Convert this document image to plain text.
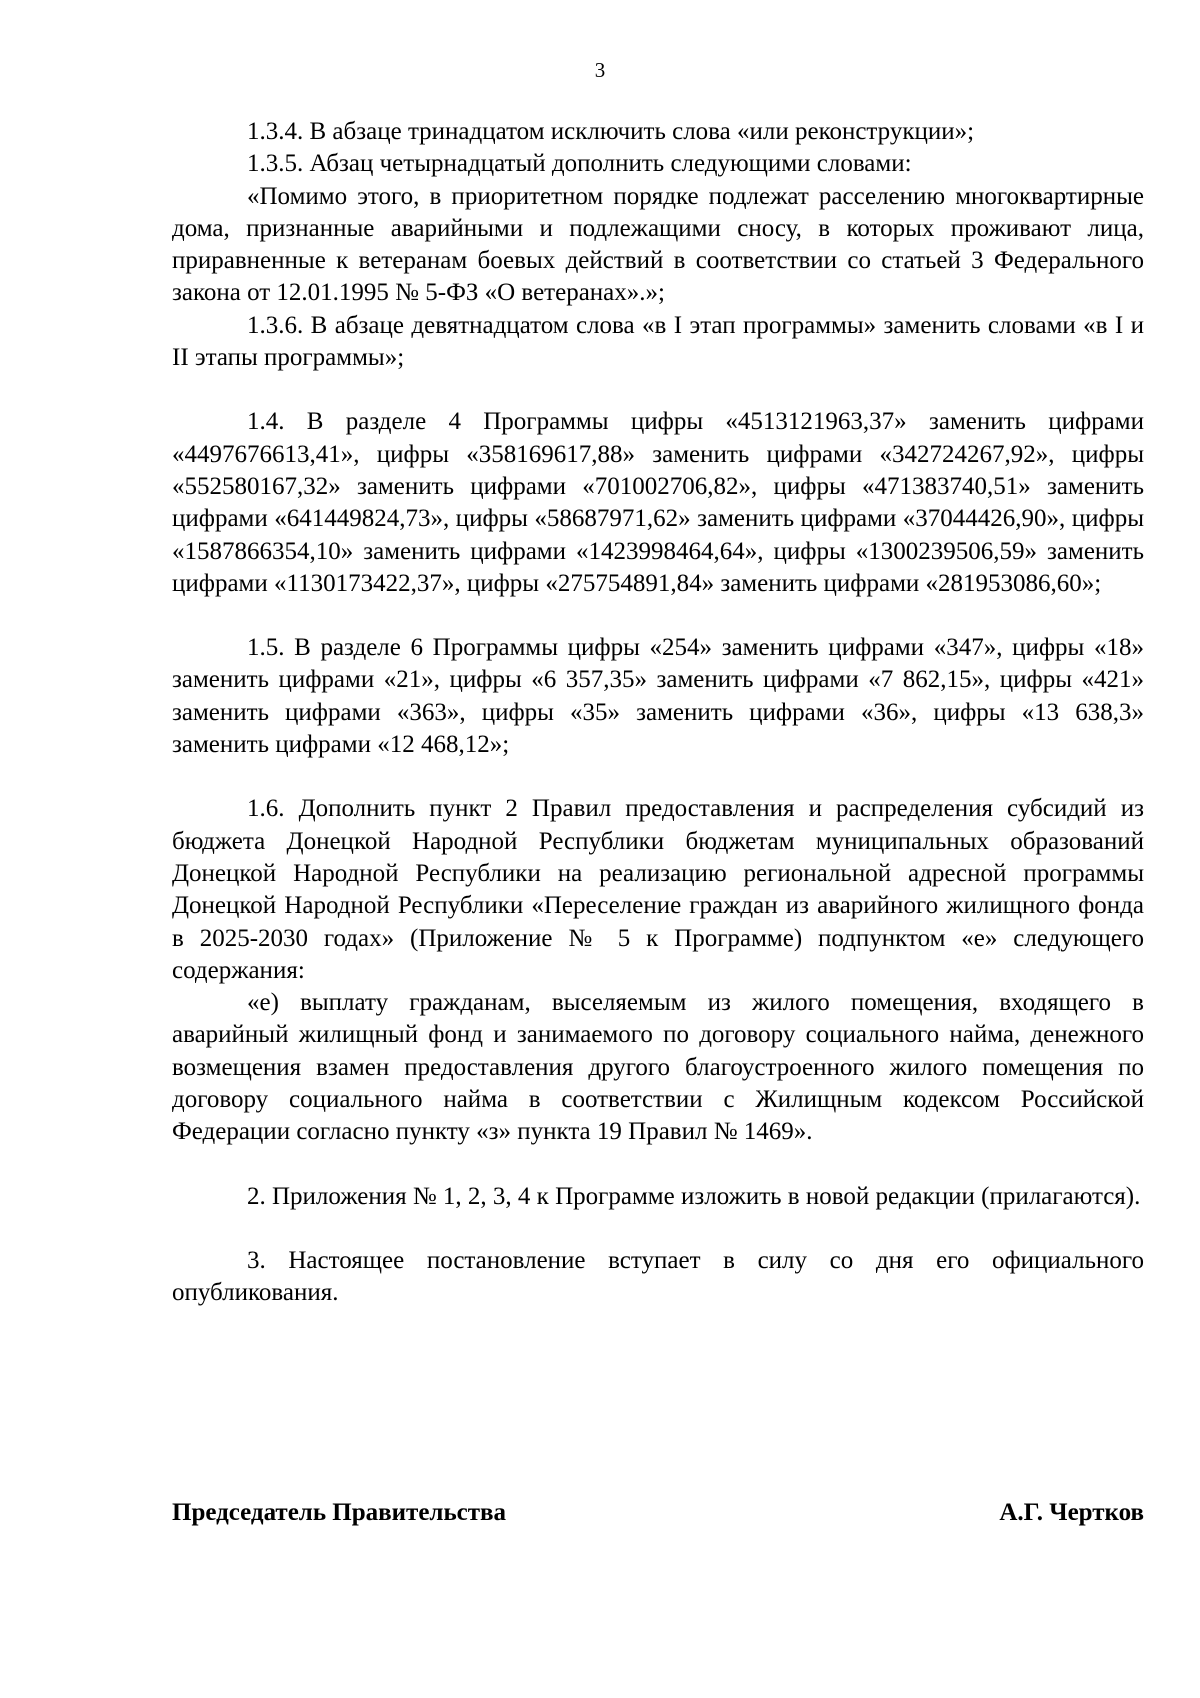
3

1.3.4. В абзаце тринадцатом исключить слова «или реконструкции»;

1.3.5. Абзац четырнадцатый дополнить следующими словами:

«Помимо этого, в приоритетном порядке подлежат расселению многоквартирные дома, признанные аварийными и подлежащими сносу, в которых проживают лица, приравненные к ветеранам боевых действий в соответствии со статьей 3 Федерального закона от 12.01.1995 № 5-ФЗ «О ветеранах».»;

1.3.6. В абзаце девятнадцатом слова «в I этап программы» заменить словами «в I и II этапы программы»;

1.4. В разделе 4 Программы цифры «4513121963,37» заменить цифрами «4497676613,41», цифры «358169617,88» заменить цифрами «342724267,92», цифры «552580167,32» заменить цифрами «701002706,82», цифры «471383740,51» заменить цифрами «641449824,73», цифры «58687971,62» заменить цифрами «37044426,90», цифры «1587866354,10» заменить цифрами «1423998464,64», цифры «1300239506,59» заменить цифрами «1130173422,37», цифры «275754891,84» заменить цифрами «281953086,60»;

1.5. В разделе 6 Программы цифры «254» заменить цифрами «347», цифры «18» заменить цифрами «21», цифры «6 357,35» заменить цифрами «7 862,15», цифры «421» заменить цифрами «363», цифры «35» заменить цифрами «36», цифры «13 638,3» заменить цифрами «12 468,12»;

1.6. Дополнить пункт 2 Правил предоставления и распределения субсидий из бюджета Донецкой Народной Республики бюджетам муниципальных образований Донецкой Народной Республики на реализацию региональной адресной программы Донецкой Народной Республики «Переселение граждан из аварийного жилищного фонда в 2025-2030 годах» (Приложение № 5 к Программе) подпунктом «е» следующего содержания:

«е) выплату гражданам, выселяемым из жилого помещения, входящего в аварийный жилищный фонд и занимаемого по договору социального найма, денежного возмещения взамен предоставления другого благоустроенного жилого помещения по договору социального найма в соответствии с Жилищным кодексом Российской Федерации согласно пункту «з» пункта 19 Правил № 1469».

2. Приложения № 1, 2, 3, 4 к Программе изложить в новой редакции (прилагаются).

3. Настоящее постановление вступает в силу со дня его официального опубликования.

Председатель Правительства	А.Г. Чертков
